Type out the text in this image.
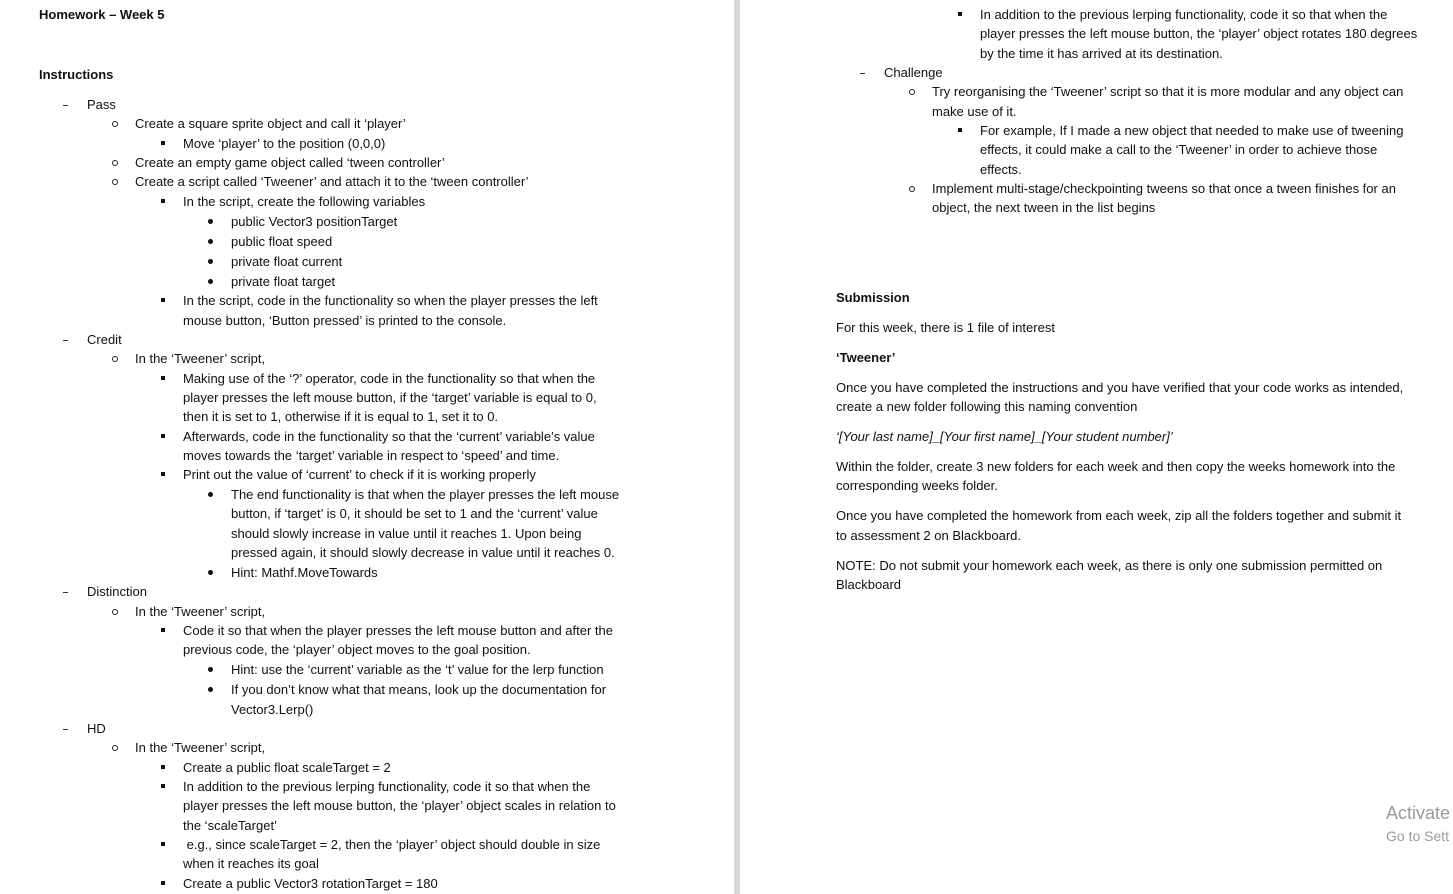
Homework – Week 5
Instructions
Pass
Create a square sprite object and call it ‘player’
Move ‘player’ to the position (0,0,0)
Create an empty game object called ‘tween controller’
Create a script called ‘Tweener’ and attach it to the ‘tween controller’
In the script, create the following variables
public Vector3 positionTarget
public float speed
private float current
private float target
In the script, code in the functionality so when the player presses the left
mouse button, ‘Button pressed’ is printed to the console.
Credit
In the ‘Tweener’ script,
Making use of the ‘?’ operator, code in the functionality so that when the
player presses the left mouse button, if the ‘target’ variable is equal to 0,
then it is set to 1, otherwise if it is equal to 1, set it to 0.
Afterwards, code in the functionality so that the ‘current’ variable’s value
moves towards the ‘target’ variable in respect to ‘speed’ and time.
Print out the value of ‘current’ to check if it is working properly
The end functionality is that when the player presses the left mouse
button, if ‘target’ is 0, it should be set to 1 and the ‘current’ value
should slowly increase in value until it reaches 1. Upon being
pressed again, it should slowly decrease in value until it reaches 0.
Hint: Mathf.MoveTowards
Distinction
In the ‘Tweener’ script,
Code it so that when the player presses the left mouse button and after the
previous code, the ‘player’ object moves to the goal position.
Hint: use the ‘current’ variable as the ‘t’ value for the lerp function
If you don’t know what that means, look up the documentation for
Vector3.Lerp()
HD
In the ‘Tweener’ script,
Create a public float scaleTarget = 2
In addition to the previous lerping functionality, code it so that when the
player presses the left mouse button, the ‘player’ object scales in relation to
the ‘scaleTarget’
e.g., since scaleTarget = 2, then the ‘player’ object should double in size
when it reaches its goal
Create a public Vector3 rotationTarget = 180
In addition to the previous lerping functionality, code it so that when the
player presses the left mouse button, the ‘player’ object rotates 180 degrees
by the time it has arrived at its destination.
Challenge
Try reorganising the ‘Tweener’ script so that it is more modular and any object can
make use of it.
For example, If I made a new object that needed to make use of tweening
effects, it could make a call to the ‘Tweener’ in order to achieve those
effects.
Implement multi-stage/checkpointing tweens so that once a tween finishes for an
object, the next tween in the list begins
Submission
For this week, there is 1 file of interest
‘Tweener’
Once you have completed the instructions and you have verified that your code works as intended,
create a new folder following this naming convention
‘[Your last name]_[Your first name]_[Your student number]’
Within the folder, create 3 new folders for each week and then copy the weeks homework into the
corresponding weeks folder.
Once you have completed the homework from each week, zip all the folders together and submit it
to assessment 2 on Blackboard.
NOTE: Do not submit your homework each week, as there is only one submission permitted on
Blackboard
Activate
Go to Sett
